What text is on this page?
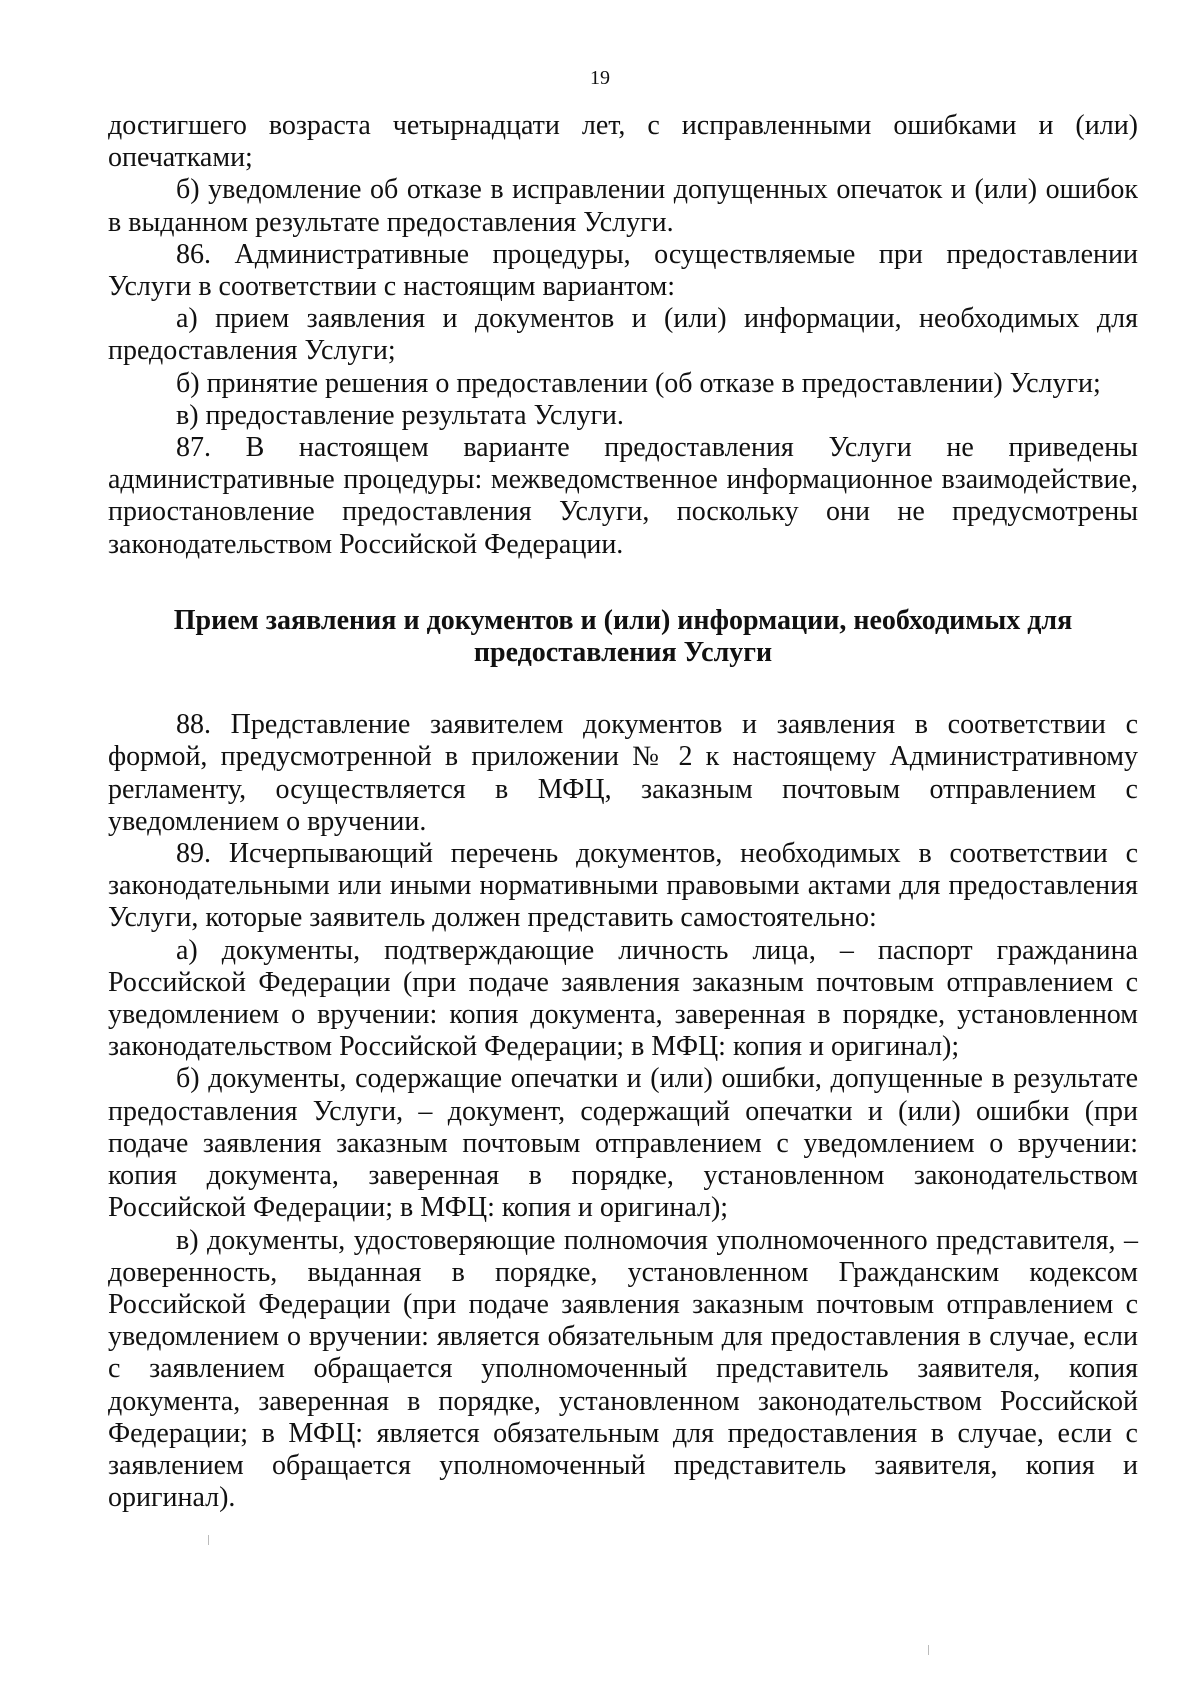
19

достигшего возраста четырнадцати лет, с исправленными ошибками и (или) опечатками;

б) уведомление об отказе в исправлении допущенных опечаток и (или) ошибок в выданном результате предоставления Услуги.

86. Административные процедуры, осуществляемые при предоставлении Услуги в соответствии с настоящим вариантом:

а) прием заявления и документов и (или) информации, необходимых для предоставления Услуги;

б) принятие решения о предоставлении (об отказе в предоставлении) Услуги;

в) предоставление результата Услуги.

87. В настоящем варианте предоставления Услуги не приведены административные процедуры: межведомственное информационное взаимодействие, приостановление предоставления Услуги, поскольку они не предусмотрены законодательством Российской Федерации.

Прием заявления и документов и (или) информации, необходимых для предоставления Услуги

88. Представление заявителем документов и заявления в соответствии с формой, предусмотренной в приложении № 2 к настоящему Административному регламенту, осуществляется в МФЦ, заказным почтовым отправлением с уведомлением о вручении.

89. Исчерпывающий перечень документов, необходимых в соответствии с законодательными или иными нормативными правовыми актами для предоставления Услуги, которые заявитель должен представить самостоятельно:

а) документы, подтверждающие личность лица, – паспорт гражданина Российской Федерации (при подаче заявления заказным почтовым отправлением с уведомлением о вручении: копия документа, заверенная в порядке, установленном законодательством Российской Федерации; в МФЦ: копия и оригинал);

б) документы, содержащие опечатки и (или) ошибки, допущенные в результате предоставления Услуги, – документ, содержащий опечатки и (или) ошибки (при подаче заявления заказным почтовым отправлением с уведомлением о вручении: копия документа, заверенная в порядке, установленном законодательством Российской Федерации; в МФЦ: копия и оригинал);

в) документы, удостоверяющие полномочия уполномоченного представителя, – доверенность, выданная в порядке, установленном Гражданским кодексом Российской Федерации (при подаче заявления заказным почтовым отправлением с уведомлением о вручении: является обязательным для предоставления в случае, если с заявлением обращается уполномоченный представитель заявителя, копия документа, заверенная в порядке, установленном законодательством Российской Федерации; в МФЦ: является обязательным для предоставления в случае, если с заявлением обращается уполномоченный представитель заявителя, копия и оригинал).
